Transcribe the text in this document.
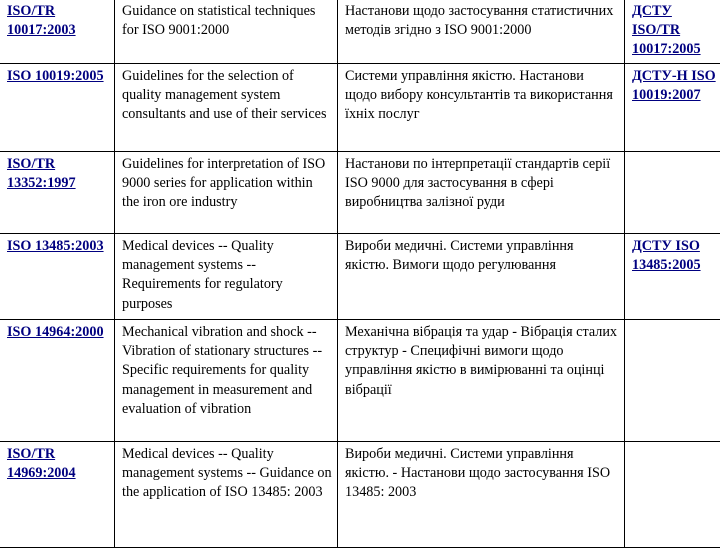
ISO/TR 10017:2003	Guidance on statistical techniques for ISO 9001:2000	Настанови щодо застосування статистичних методів згідно з ISO 9001:2000	ДСТУ ISO/TR 10017:2005
ISO 10019:2005	Guidelines for the selection of quality management system consultants and use of their services	Системи управління якістю. Настанови щодо вибору консультантів та використання їхніх послуг	ДСТУ-Н ISO 10019:2007
ISO/TR 13352:1997	Guidelines for interpretation of ISO 9000 series for application within the iron ore industry	Настанови по інтерпретації стандартів серії ISO 9000 для застосування в сфері виробництва залізної руди	
ISO 13485:2003	Medical devices -- Quality management systems -- Requirements for regulatory purposes	Вироби медичні. Системи управління якістю. Вимоги щодо регулювання	ДСТУ ISO 13485:2005
ISO 14964:2000	Mechanical vibration and shock -- Vibration of stationary structures -- Specific requirements for quality management in measurement and evaluation of vibration	Механічна вібрація та удар - Вібрація сталих структур - Специфічні вимоги щодо управління якістю в вимірюванні та оцінці вібрації	
ISO/TR 14969:2004	Medical devices -- Quality management systems -- Guidance on the application of ISO 13485: 2003	Вироби медичні. Системи управління якістю. - Настанови щодо застосування ISO 13485: 2003	
